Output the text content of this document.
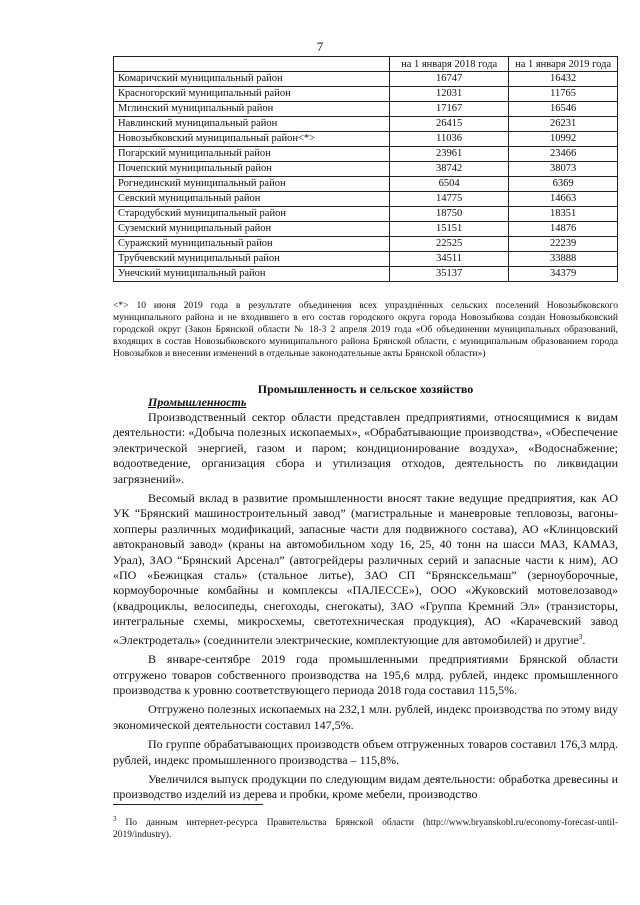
7
	на 1 января 2018 года	на 1 января 2019 года
Комаричский муниципальный район	16747	16432
Красногорский муниципальный район	12031	11765
Мглинский муниципальный район	17167	16546
Навлинский муниципальный район	26415	26231
Новозыбковский муниципальный район<*>	11036	10992
Погарский муниципальный район	23961	23466
Почепский муниципальный район	38742	38073
Рогнединский муниципальный район	6504	6369
Севский муниципальный район	14775	14663
Стародубский муниципальный район	18750	18351
Суземский муниципальный район	15151	14876
Суражский муниципальный район	22525	22239
Трубчевский муниципальный район	34511	33888
Унечский муниципальный район	35137	34379
<*> 10 июня 2019 года в результате объединения всех упразднённых сельских поселений Новозыбковского муниципального района и не входившего в его состав городского округа города Новозыбкова создан Новозыбковский городской округ (Закон Брянской области № 18-3 2 апреля 2019 года «Об объединении муниципальных образований, входящих в состав Новозыбковского муниципального района Брянской области, с муниципальным образованием города Новозыбков и внесении изменений в отдельные законодательные акты Брянской области»)
Промышленность и сельское хозяйство
Промышленность

Производственный сектор области представлен предприятиями, относящимися к видам деятельности: «Добыча полезных ископаемых», «Обрабатывающие производства», «Обеспечение электрической энергией, газом и паром; кондиционирование воздуха», «Водоснабжение; водоотведение, организация сбора и утилизация отходов, деятельность по ликвидации загрязнений».

Весомый вклад в развитие промышленности вносят такие ведущие предприятия, как АО УК “Брянский машиностроительный завод” (магистральные и маневровые тепловозы, вагоны-хопперы различных модификаций, запасные части для подвижного состава), АО «Клинцовский автокрановый завод» (краны на автомобильном ходу 16, 25, 40 тонн на шасси МАЗ, КАМАЗ, Урал), ЗАО “Брянский Арсенал” (автогрейдеры различных серий и запасные части к ним), АО «ПО «Бежицкая сталь» (стальное литье), ЗАО СП “Брянсксельмаш” (зерноуборочные, кормоуборочные комбайны и комплексы «ПАЛЕССЕ»), ООО «Жуковский мотовелозавод» (квадроциклы, велосипеды, снегоходы, снегокаты), ЗАО «Группа Кремний Эл» (транзисторы, интегральные схемы, микросхемы, светотехническая продукция), АО «Карачевский завод «Электродеталь» (соединители электрические, комплектующие для автомобилей) и другие$^3$.

В январе-сентябре 2019 года промышленными предприятиями Брянской области отгружено товаров собственного производства на 195,6 млрд. рублей, индекс промышленного производства к уровню соответствующего периода 2018 года составил 115,5%.

Отгружено полезных ископаемых на 232,1 млн. рублей, индекс производства по этому виду экономической деятельности составил 147,5%.

По группе обрабатывающих производств объем отгруженных товаров составил 176,3 млрд. рублей, индекс промышленного производства – 115,8%.

Увеличился выпуск продукции по следующим видам деятельности: обработка древесины и производство изделий из дерева и пробки, кроме мебели, производство

$^3$ По данным интернет-ресурса Правительства Брянской области (http://www.bryanskobl.ru/economy-forecast-until-2019/industry).
